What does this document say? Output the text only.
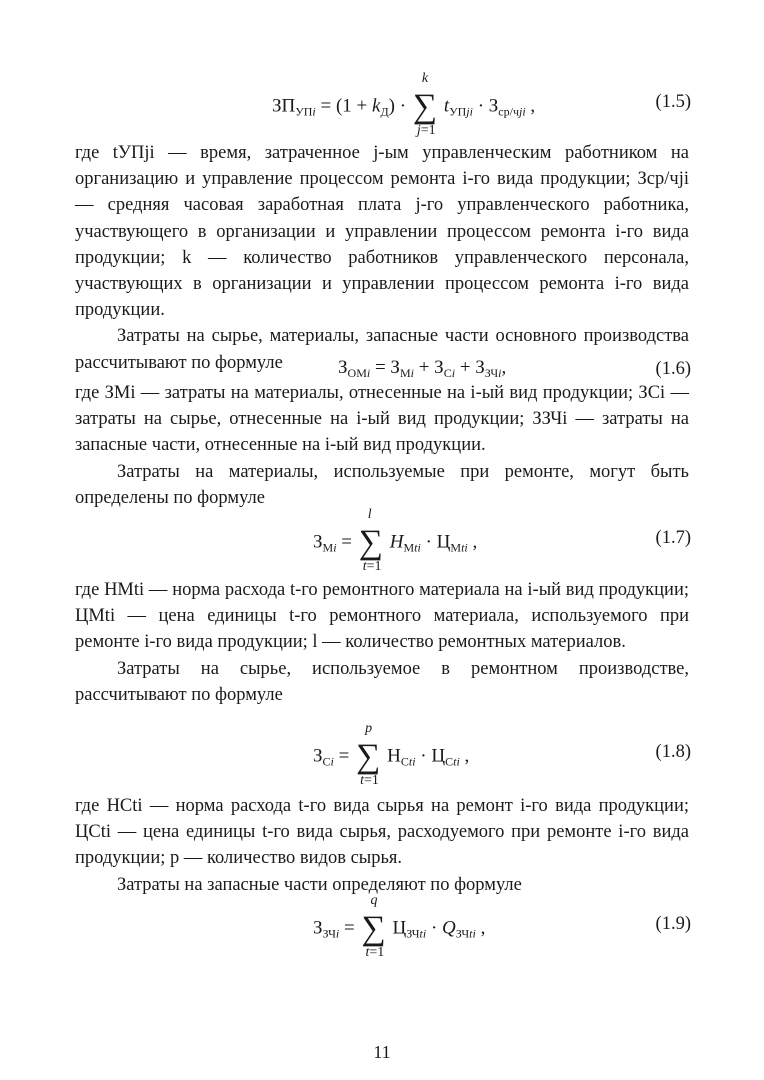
$ЗП_{УПi} = (1 + k_Д)$ · ∑
k
j=1
$t_{УПji} \cdot З_{ср/чji}$ ,	(1.5)
где tУПji — время, затраченное j-ым управленческим работником на организацию и управление процессом ремонта i-го вида продукции; Зср/чji — средняя часовая заработная плата j-го управленческого работника, участвующего в организации и управлении процессом ремонта i-го вида продукции; k — количество работников управленческого персонала, участвующих в организации и управлении процессом ремонта i-го вида продукции.
Затраты на сырье, материалы, запасные части основного производства рассчитывают по формуле	$З_{ОМi} = З_{Мi} + З_{Сi} + З_{ЗЧi}$,	(1.6)
где ЗМi — затраты на материалы, отнесенные на i-ый вид продукции; ЗСi — затраты на сырье, отнесенные на i-ый вид продукции; ЗЗЧi — затраты на запасные части, отнесенные на i-ый вид продукции.
Затраты на материалы, используемые при ремонте, могут быть определены по формуле
$З_{Мi}$ = ∑
l
t=1
$H_{Мti} \cdot Ц_{Мti}$ ,	(1.7)
где НМti — норма расхода t-го ремонтного материала на i-ый вид продукции; ЦМti — цена единицы t-го ремонтного материала, используемого при ремонте i-го вида продукции; l — количество ремонтных материалов.
Затраты на сырье, используемое в ремонтном производстве, рассчитывают по формуле
$З_{Сi}$ = ∑
p
t=1
$Н_{Сti} \cdot Ц_{Сti}$ ,	(1.8)
где НСti — норма расхода t-го вида сырья на ремонт i-го вида продукции; ЦСti — цена единицы t-го вида сырья, расходуемого при ремонте i-го вида продукции; p — количество видов сырья.
Затраты на запасные части определяют по формуле
$З_{ЗЧi}$ = ∑
q
t=1
$Ц_{ЗЧti} \cdot Q_{ЗЧti}$ ,	(1.9)
11
